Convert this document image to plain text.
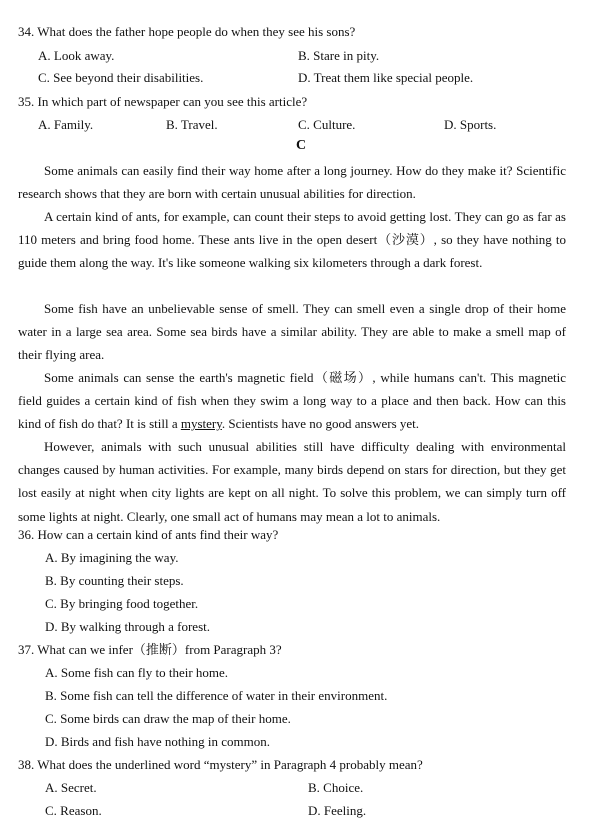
34. What does the father hope people do when they see his sons?
A. Look away.	B. Stare in pity.
C. See beyond their disabilities.	D. Treat them like special people.
35. In which part of newspaper can you see this article?
A. Family.	B. Travel.	C. Culture.	D. Sports.
C
Some animals can easily find their way home after a long journey. How do they make it? Scientific research shows that they are born with certain unusual abilities for direction.
A certain kind of ants, for example, can count their steps to avoid getting lost. They can go as far as 110 meters and bring food home. These ants live in the open desert（沙漠）, so they have nothing to guide them along the way. It's like someone walking six kilometers through a dark forest.
Some fish have an unbelievable sense of smell. They can smell even a single drop of their home water in a large sea area. Some sea birds have a similar ability. They are able to make a smell map of their flying area.
Some animals can sense the earth's magnetic field（磁场）, while humans can't. This magnetic field guides a certain kind of fish when they swim a long way to a place and then back. How can this kind of fish do that? It is still a mystery. Scientists have no good answers yet.
However, animals with such unusual abilities still have difficulty dealing with environmental changes caused by human activities. For example, many birds depend on stars for direction, but they get lost easily at night when city lights are kept on all night. To solve this problem, we can simply turn off some lights at night. Clearly, one small act of humans may mean a lot to animals.
36. How can a certain kind of ants find their way?
A. By imagining the way.
B. By counting their steps.
C. By bringing food together.
D. By walking through a forest.
37. What can we infer（推断）from Paragraph 3?
A. Some fish can fly to their home.
B. Some fish can tell the difference of water in their environment.
C. Some birds can draw the map of their home.
D. Birds and fish have nothing in common.
38. What does the underlined word “mystery” in Paragraph 4 probably mean?
A. Secret.	B. Choice.
C. Reason.	D. Feeling.
